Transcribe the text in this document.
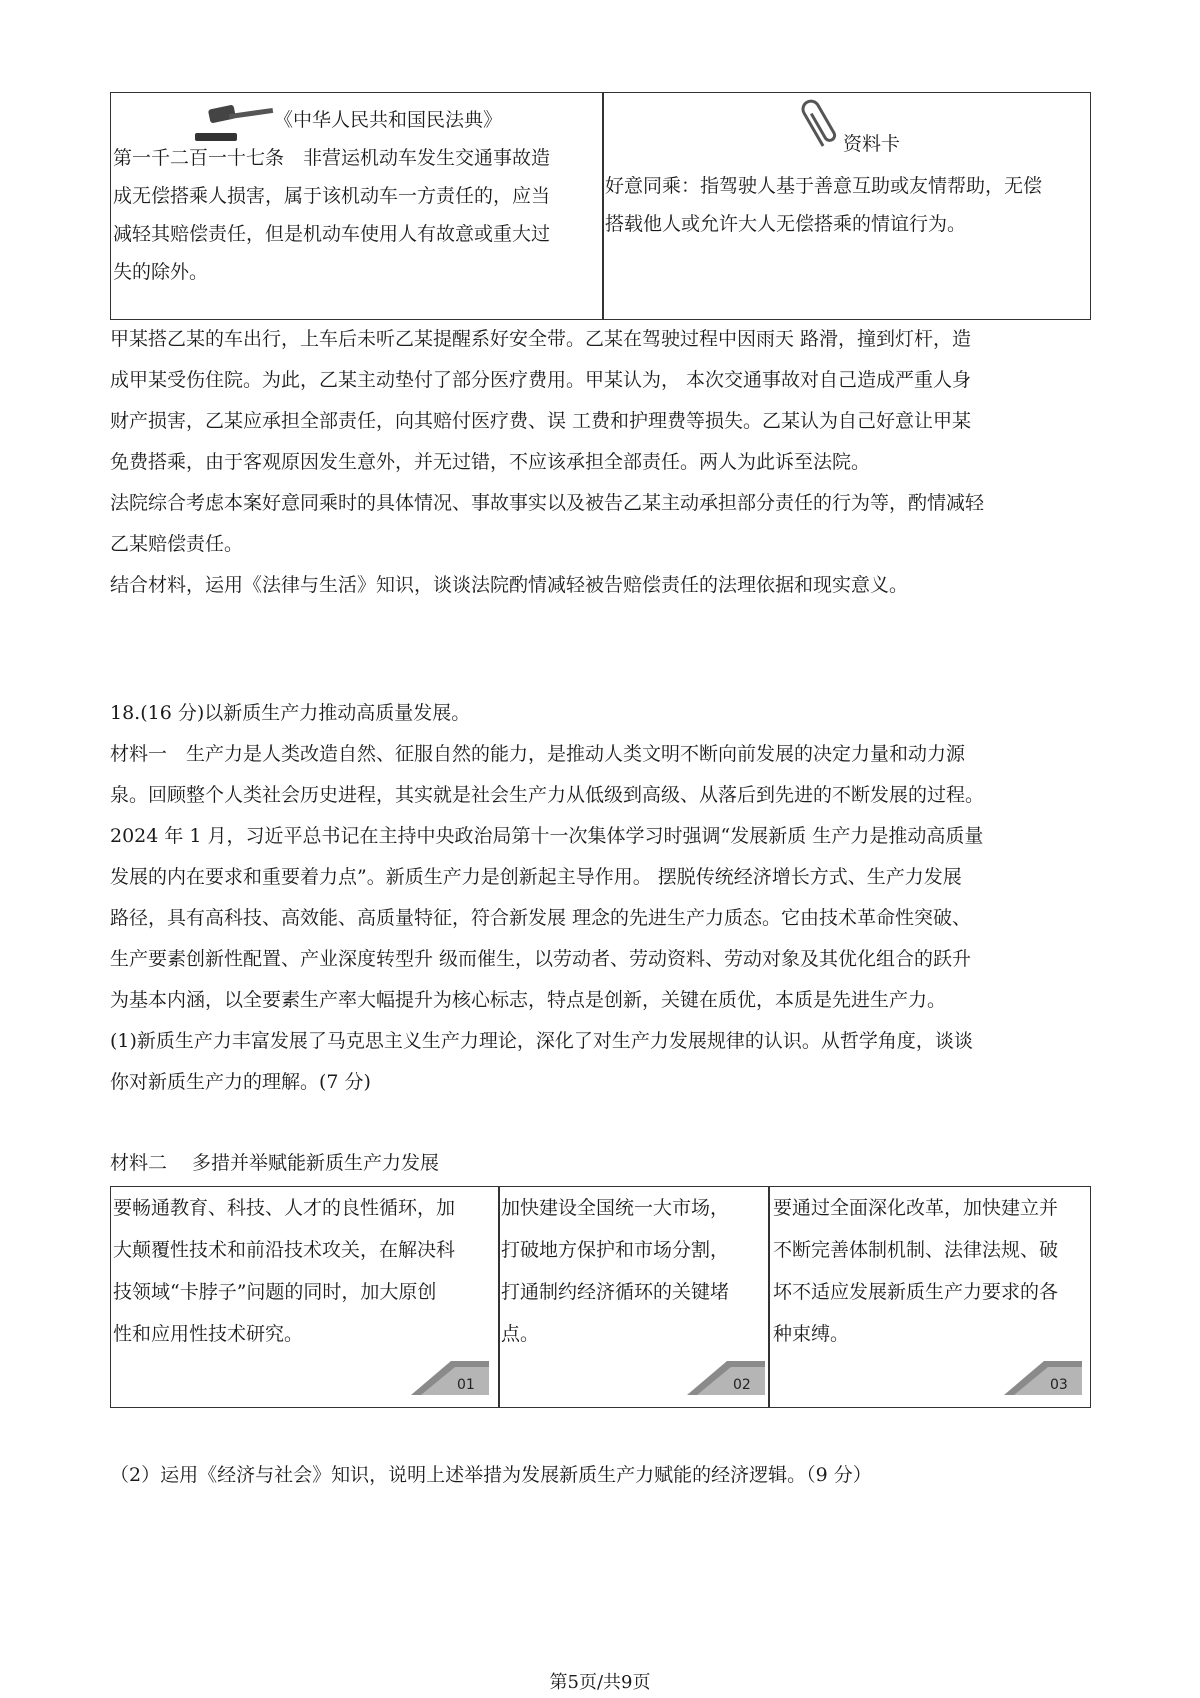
《中华人民共和国民法典》
第一千二百一十七条　非营运机动车发生交通事故造
成无偿搭乘人损害，属于该机动车一方责任的，应当
减轻其赔偿责任，但是机动车使用人有故意或重大过
失的除外。
资料卡
好意同乘：指驾驶人基于善意互助或友情帮助，无偿
搭载他人或允许大人无偿搭乘的情谊行为。
甲某搭乙某的车出行，上车后未听乙某提醒系好安全带。乙某在驾驶过程中因雨天 路滑，撞到灯杆，造
成甲某受伤住院。为此，乙某主动垫付了部分医疗费用。甲某认为， 本次交通事故对自己造成严重人身
财产损害，乙某应承担全部责任，向其赔付医疗费、误 工费和护理费等损失。乙某认为自己好意让甲某
免费搭乘，由于客观原因发生意外，并无过错，不应该承担全部责任。两人为此诉至法院。
法院综合考虑本案好意同乘时的具体情况、事故事实以及被告乙某主动承担部分责任的行为等，酌情减轻
乙某赔偿责任。
结合材料，运用《法律与生活》知识，谈谈法院酌情减轻被告赔偿责任的法理依据和现实意义。
18.(16 分)以新质生产力推动高质量发展。
材料一　生产力是人类改造自然、征服自然的能力，是推动人类文明不断向前发展的决定力量和动力源
泉。回顾整个人类社会历史进程，其实就是社会生产力从低级到高级、从落后到先进的不断发展的过程。
2024 年 1 月，习近平总书记在主持中央政治局第十一次集体学习时强调“发展新质 生产力是推动高质量
发展的内在要求和重要着力点”。新质生产力是创新起主导作用。 摆脱传统经济增长方式、生产力发展
路径，具有高科技、高效能、高质量特征，符合新发展 理念的先进生产力质态。它由技术革命性突破、
生产要素创新性配置、产业深度转型升 级而催生，以劳动者、劳动资料、劳动对象及其优化组合的跃升
为基本内涵，以全要素生产率大幅提升为核心标志，特点是创新，关键在质优，本质是先进生产力。
(1)新质生产力丰富发展了马克思主义生产力理论，深化了对生产力发展规律的认识。从哲学角度，谈谈
你对新质生产力的理解。(7 分)
材料二　 多措并举赋能新质生产力发展
要畅通教育、科技、人才的良性循环，加
大颠覆性技术和前沿技术攻关，在解决科
技领域“卡脖子”问题的同时，加大原创
性和应用性技术研究。
01
加快建设全国统一大市场，
打破地方保护和市场分割，
打通制约经济循环的关键堵
点。
02
要通过全面深化改革，加快建立并
不断完善体制机制、法律法规、破
坏不适应发展新质生产力要求的各
种束缚。
03
（2）运用《经济与社会》知识，说明上述举措为发展新质生产力赋能的经济逻辑。（9 分）
第5页/共9页
